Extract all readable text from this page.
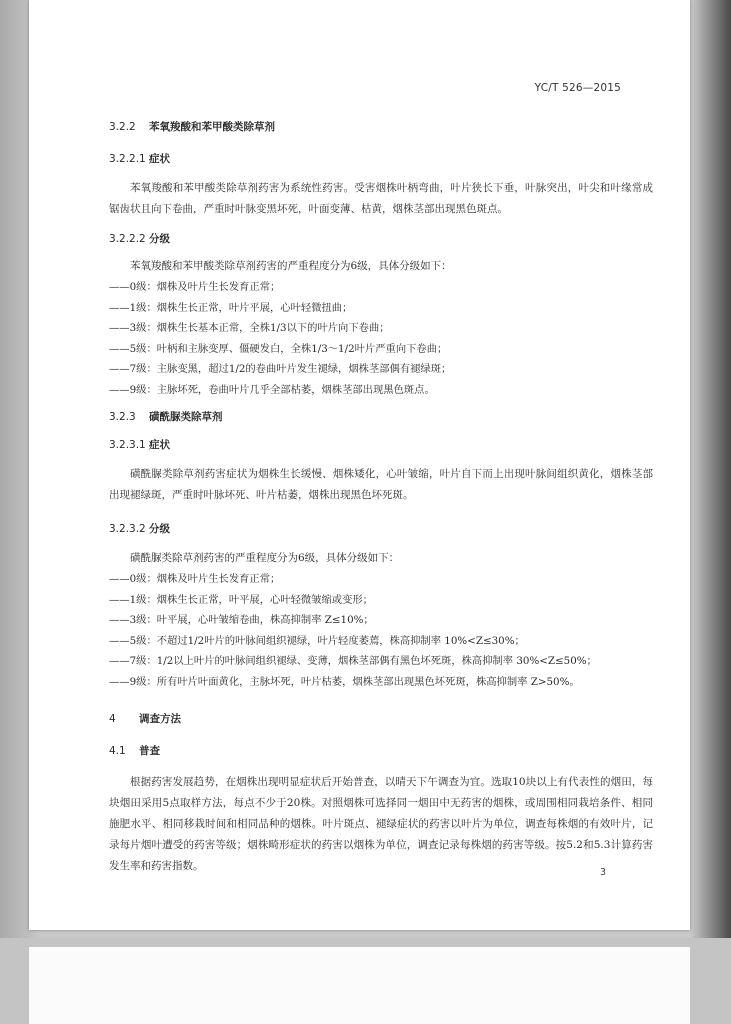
YC/T 526—2015
3.2.2 苯氧羧酸和苯甲酸类除草剂
3.2.2.1 症状
苯氧羧酸和苯甲酸类除草剂药害为系统性药害。受害烟株叶柄弯曲，叶片狭长下垂，叶脉突出，叶尖和叶缘常成锯齿状且向下卷曲，严重时叶脉变黑坏死，叶面变薄、枯黄，烟株茎部出现黑色斑点。
3.2.2.2 分级
苯氧羧酸和苯甲酸类除草剂药害的严重程度分为6级，具体分级如下：
——0级：烟株及叶片生长发育正常；
——1级：烟株生长正常，叶片平展，心叶轻微扭曲；
——3级：烟株生长基本正常，全株1/3以下的叶片向下卷曲；
——5级：叶柄和主脉变厚、僵硬发白，全株1/3～1/2叶片严重向下卷曲；
——7级：主脉变黑，超过1/2的卷曲叶片发生褪绿，烟株茎部偶有褪绿斑；
——9级：主脉坏死，卷曲叶片几乎全部枯萎，烟株茎部出现黑色斑点。
3.2.3 磺酰脲类除草剂
3.2.3.1 症状
磺酰脲类除草剂药害症状为烟株生长缓慢、烟株矮化，心叶皱缩，叶片自下而上出现叶脉间组织黄化，烟株茎部出现褪绿斑，严重时叶脉坏死、叶片枯萎，烟株出现黑色坏死斑。
3.2.3.2 分级
磺酰脲类除草剂药害的严重程度分为6级，具体分级如下：
——0级：烟株及叶片生长发育正常；
——1级：烟株生长正常，叶平展，心叶轻微皱缩或变形；
——3级：叶平展，心叶皱缩卷曲，株高抑制率 Z≤10%；
——5级：不超过1/2叶片的叶脉间组织褪绿，叶片轻度萎蔫，株高抑制率 10%<Z≤30%；
——7级：1/2以上叶片的叶脉间组织褪绿、变薄，烟株茎部偶有黑色坏死斑，株高抑制率 30%<Z≤50%；
——9级：所有叶片叶面黄化，主脉坏死，叶片枯萎，烟株茎部出现黑色坏死斑，株高抑制率 Z>50%。
4 调查方法
4.1 普查
根据药害发展趋势，在烟株出现明显症状后开始普查，以晴天下午调查为宜。选取10块以上有代表性的烟田，每块烟田采用5点取样方法，每点不少于20株。对照烟株可选择同一烟田中无药害的烟株，或周围相同栽培条件、相同施肥水平、相同移栽时间和相同品种的烟株。叶片斑点、褪绿症状的药害以叶片为单位，调查每株烟的有效叶片，记录每片烟叶遭受的药害等级；烟株畸形症状的药害以烟株为单位，调查记录每株烟的药害等级。按5.2和5.3计算药害发生率和药害指数。
3
